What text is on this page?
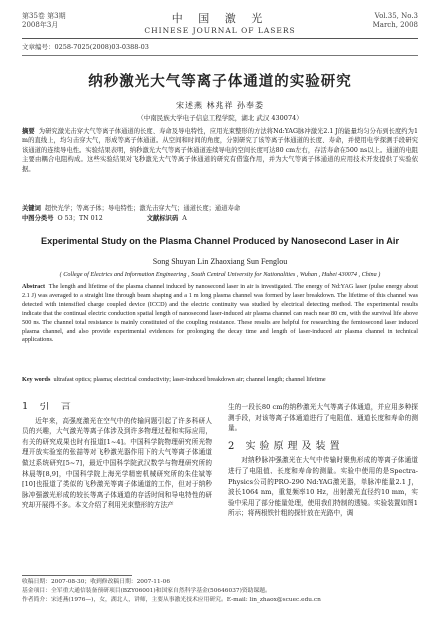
第35卷 第3期
2008年3月	中 国 激 光
CHINESE JOURNAL OF LASERS
Vol.35, No.3
March, 2008
文章编号：0258-7025(2008)03-0388-03
纳秒激光大气等离子体通道的实验研究
宋述燕 林兆祥 孙奉娄
（中南民族大学电子信息工程学院，湖北 武汉 430074）
摘要 为研究激光击穿大气等离子体通道的长度、寿命及导电特性，应用光束整形的方法将Nd:YAG脉冲激光2.1 J的能量均匀分布到长度约为1 m的直线上，均匀击穿大气，形成等离子体通道。从空间和时间的角度，分别研究了该等离子体通道的长度、寿命，并使用电学探测手段研究该通道的连续导电性。实验结果表明，纳秒激光大气等离子体通道连续导电的空间长度可达80 cm左右，存活寿命在500 ns以上。通道的电阻主要由耦合电阻构成。这些实验结果对飞秒激光大气等离子体通道的研究有借鉴作用，并为大气等离子体通道的应用技术开发提供了实验依据。
关键词 超快光学；等离子体；导电特性；激光击穿大气；通道长度；通道寿命
中图分类号 O 53；TN 012	文献标识码 A
Experimental Study on the Plasma Channel Produced by Nanosecond Laser in Air
Song Shuyan Lin Zhaoxiang Sun Fenglou
( College of Electrics and Information Engineering , South Central University for Nationalities , Wuhan , Hubei 430074 , China )
Abstract The length and lifetime of the plasma channel induced by nanosecond laser in air is investigated. The energy of Nd:YAG laser (pulse energy about 2.1 J) was averaged to a straight line through beam shaping and a 1 m long plasma channel was formed by laser breakdown. The lifetime of this channel was detected with intensified charge coupled device (ICCD) and the electric continuity was studied by electrical detecting method. The experimental results indicate that the continual electric conduction spatial length of nanosecond laser-induced air plasma channel can reach near 80 cm, with the survival life above 500 ns. The channel total resistance is mainly constituted of the coupling resistance. These results are helpful for researching the femtosecond laser induced plasma channel, and also provide experimental evidences for prolonging the decay time and length of laser-induced air plasma channel in technical applications.
Key words ultrafast optics; plasma; electrical conductivity; laser-induced breakdown air; channel length; channel lifetime
1 引 言
近年来，高强度激光在空气中的传输问题引起了许多科研人员的兴趣，大气激光等离子体涉及到许多物理过程和实际应用，有关的研究成果也时有报道[1~4]。中国科学院物理研究所光物理开放实验室的张喆等对飞秒激光器作用下的大气等离子体通道做过系统研究[5~7]，最近中国科学院武汉数学与物理研究所的林晨等[8,9]，中国科学院上海光学精密机械研究所的朱佳斌等[10]也报道了类似的飞秒激光等离子体通道的工作，但对于纳秒脉冲强激光形成的较长等离子体通道的存活时间和导电特性的研究却开展得不多。本文介绍了利用光束整形的方法产
生的一段长80 cm的纳秒激光大气等离子体通道，并应用多种探测手段，对该等离子体通道进行了电阻值、通道长度和寿命的测量。
2 实验原理及装置
对纳秒脉冲强激光在大气中传输时聚焦形成的等离子体通道进行了电阻值、长度和寿命的测量。实验中使用的是Spectra-Physics公司的PRO-290 Nd:YAG激光器，单脉冲能量2.1 J，波长1064 nm，重复频率10 Hz，出射激光直径约10 mm，实验中采用了部分能量处理，使用我们特制的透镜。实验装置如图1所示；将两根铁针粗的探针放在光路中，调
收稿日期：2007-08-30；收到修改稿日期：2007-11-06
基金项目：全军重大通信装备预研项目(BZY06001)和国家自然科学基金(50646037)资助课题。
作者简介：宋述燕(1976—)，女，湖北人，讲师，主要从事激光技术应用研究。E-mail: lin_zhaox@scuec.edu.cn
